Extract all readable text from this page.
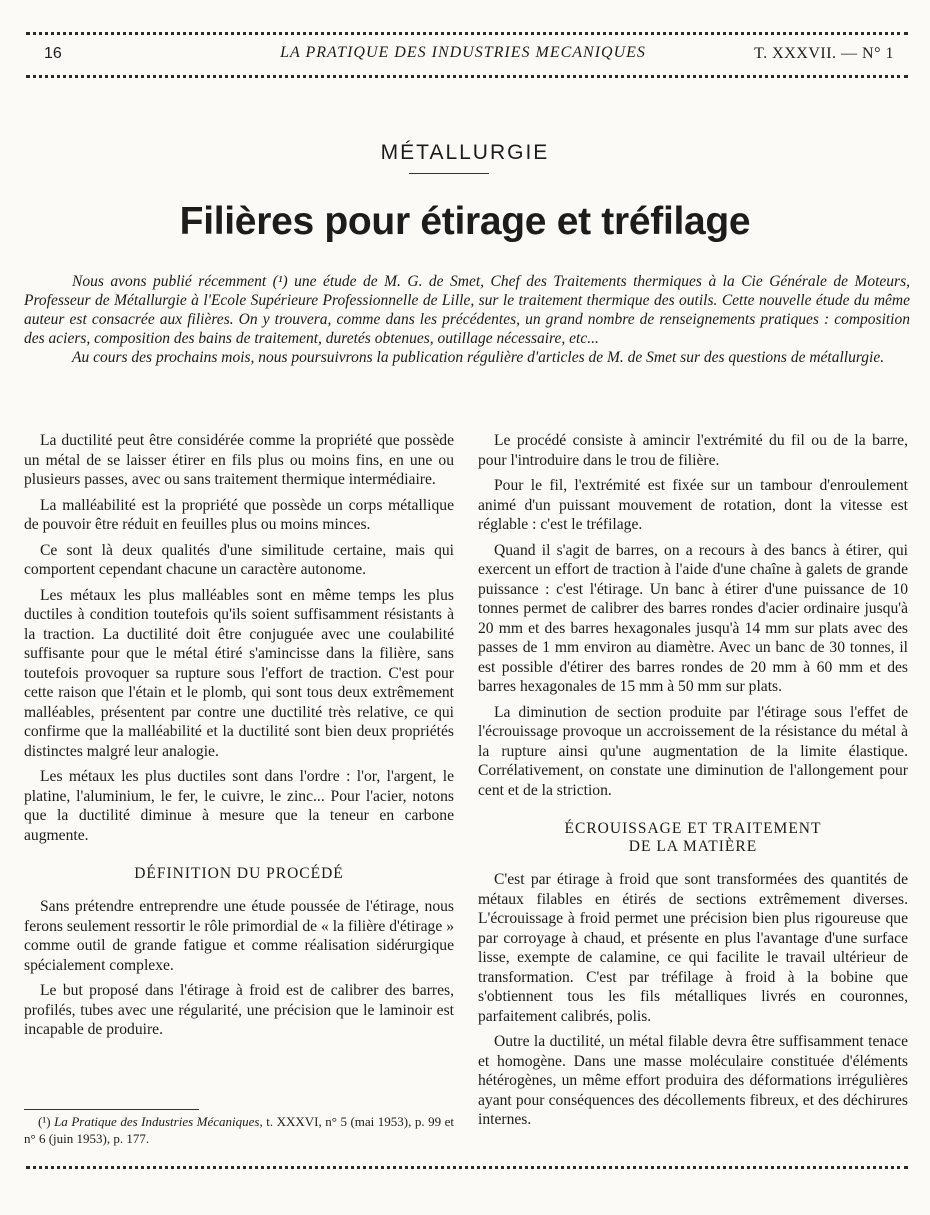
16	LA PRATIQUE DES INDUSTRIES MECANIQUES	T. XXXVII. — N° 1
MÉTALLURGIE
Filières pour étirage et tréfilage

Nous avons publié récemment (¹) une étude de M. G. de Smet, Chef des Traitements thermiques à la Cie Générale de Moteurs, Professeur de Métallurgie à l'Ecole Supérieure Professionnelle de Lille, sur le traitement thermique des outils. Cette nouvelle étude du même auteur est consacrée aux filières. On y trouvera, comme dans les précédentes, un grand nombre de renseignements pratiques : composition des aciers, composition des bains de traitement, duretés obtenues, outillage nécessaire, etc...

Au cours des prochains mois, nous poursuivrons la publication régulière d'articles de M. de Smet sur des questions de métallurgie.

La ductilité peut être considérée comme la propriété que possède un métal de se laisser étirer en fils plus ou moins fins, en une ou plusieurs passes, avec ou sans traitement thermique intermédiaire.

La malléabilité est la propriété que possède un corps métallique de pouvoir être réduit en feuilles plus ou moins minces.

Ce sont là deux qualités d'une similitude certaine, mais qui comportent cependant chacune un caractère autonome.

Les métaux les plus malléables sont en même temps les plus ductiles à condition toutefois qu'ils soient suffisamment résistants à la traction. La ductilité doit être conjuguée avec une coulabilité suffisante pour que le métal étiré s'amincisse dans la filière, sans toutefois provoquer sa rupture sous l'effort de traction. C'est pour cette raison que l'étain et le plomb, qui sont tous deux extrêmement malléables, présentent par contre une ductilité très relative, ce qui confirme que la malléabilité et la ductilité sont bien deux propriétés distinctes malgré leur analogie.

Les métaux les plus ductiles sont dans l'ordre : l'or, l'argent, le platine, l'aluminium, le fer, le cuivre, le zinc... Pour l'acier, notons que la ductilité diminue à mesure que la teneur en carbone augmente.

DÉFINITION DU PROCÉDÉ

Sans prétendre entreprendre une étude poussée de l'étirage, nous ferons seulement ressortir le rôle primordial de « la filière d'étirage » comme outil de grande fatigue et comme réalisation sidérurgique spécialement complexe.

Le but proposé dans l'étirage à froid est de calibrer des barres, profilés, tubes avec une régularité, une précision que le laminoir est incapable de produire.

Le procédé consiste à amincir l'extrémité du fil ou de la barre, pour l'introduire dans le trou de filière.

Pour le fil, l'extrémité est fixée sur un tambour d'enroulement animé d'un puissant mouvement de rotation, dont la vitesse est réglable : c'est le tréfilage.

Quand il s'agit de barres, on a recours à des bancs à étirer, qui exercent un effort de traction à l'aide d'une chaîne à galets de grande puissance : c'est l'étirage. Un banc à étirer d'une puissance de 10 tonnes permet de calibrer des barres rondes d'acier ordinaire jusqu'à 20 mm et des barres hexagonales jusqu'à 14 mm sur plats avec des passes de 1 mm environ au diamètre. Avec un banc de 30 tonnes, il est possible d'étirer des barres rondes de 20 mm à 60 mm et des barres hexagonales de 15 mm à 50 mm sur plats.

La diminution de section produite par l'étirage sous l'effet de l'écrouissage provoque un accroissement de la résistance du métal à la rupture ainsi qu'une augmentation de la limite élastique. Corrélativement, on constate une diminution de l'allongement pour cent et de la striction.

ÉCROUISSAGE ET TRAITEMENT
DE LA MATIÈRE

C'est par étirage à froid que sont transformées des quantités de métaux filables en étirés de sections extrêmement diverses. L'écrouissage à froid permet une précision bien plus rigoureuse que par corroyage à chaud, et présente en plus l'avantage d'une surface lisse, exempte de calamine, ce qui facilite le travail ultérieur de transformation. C'est par tréfilage à froid à la bobine que s'obtiennent tous les fils métalliques livrés en couronnes, parfaitement calibrés, polis.

Outre la ductilité, un métal filable devra être suffisamment tenace et homogène. Dans une masse moléculaire constituée d'éléments hétérogènes, un même effort produira des déformations irrégulières ayant pour conséquences des décollements fibreux, et des déchirures internes.

(¹) La Pratique des Industries Mécaniques, t. XXXVI, n° 5 (mai 1953), p. 99 et n° 6 (juin 1953), p. 177.
